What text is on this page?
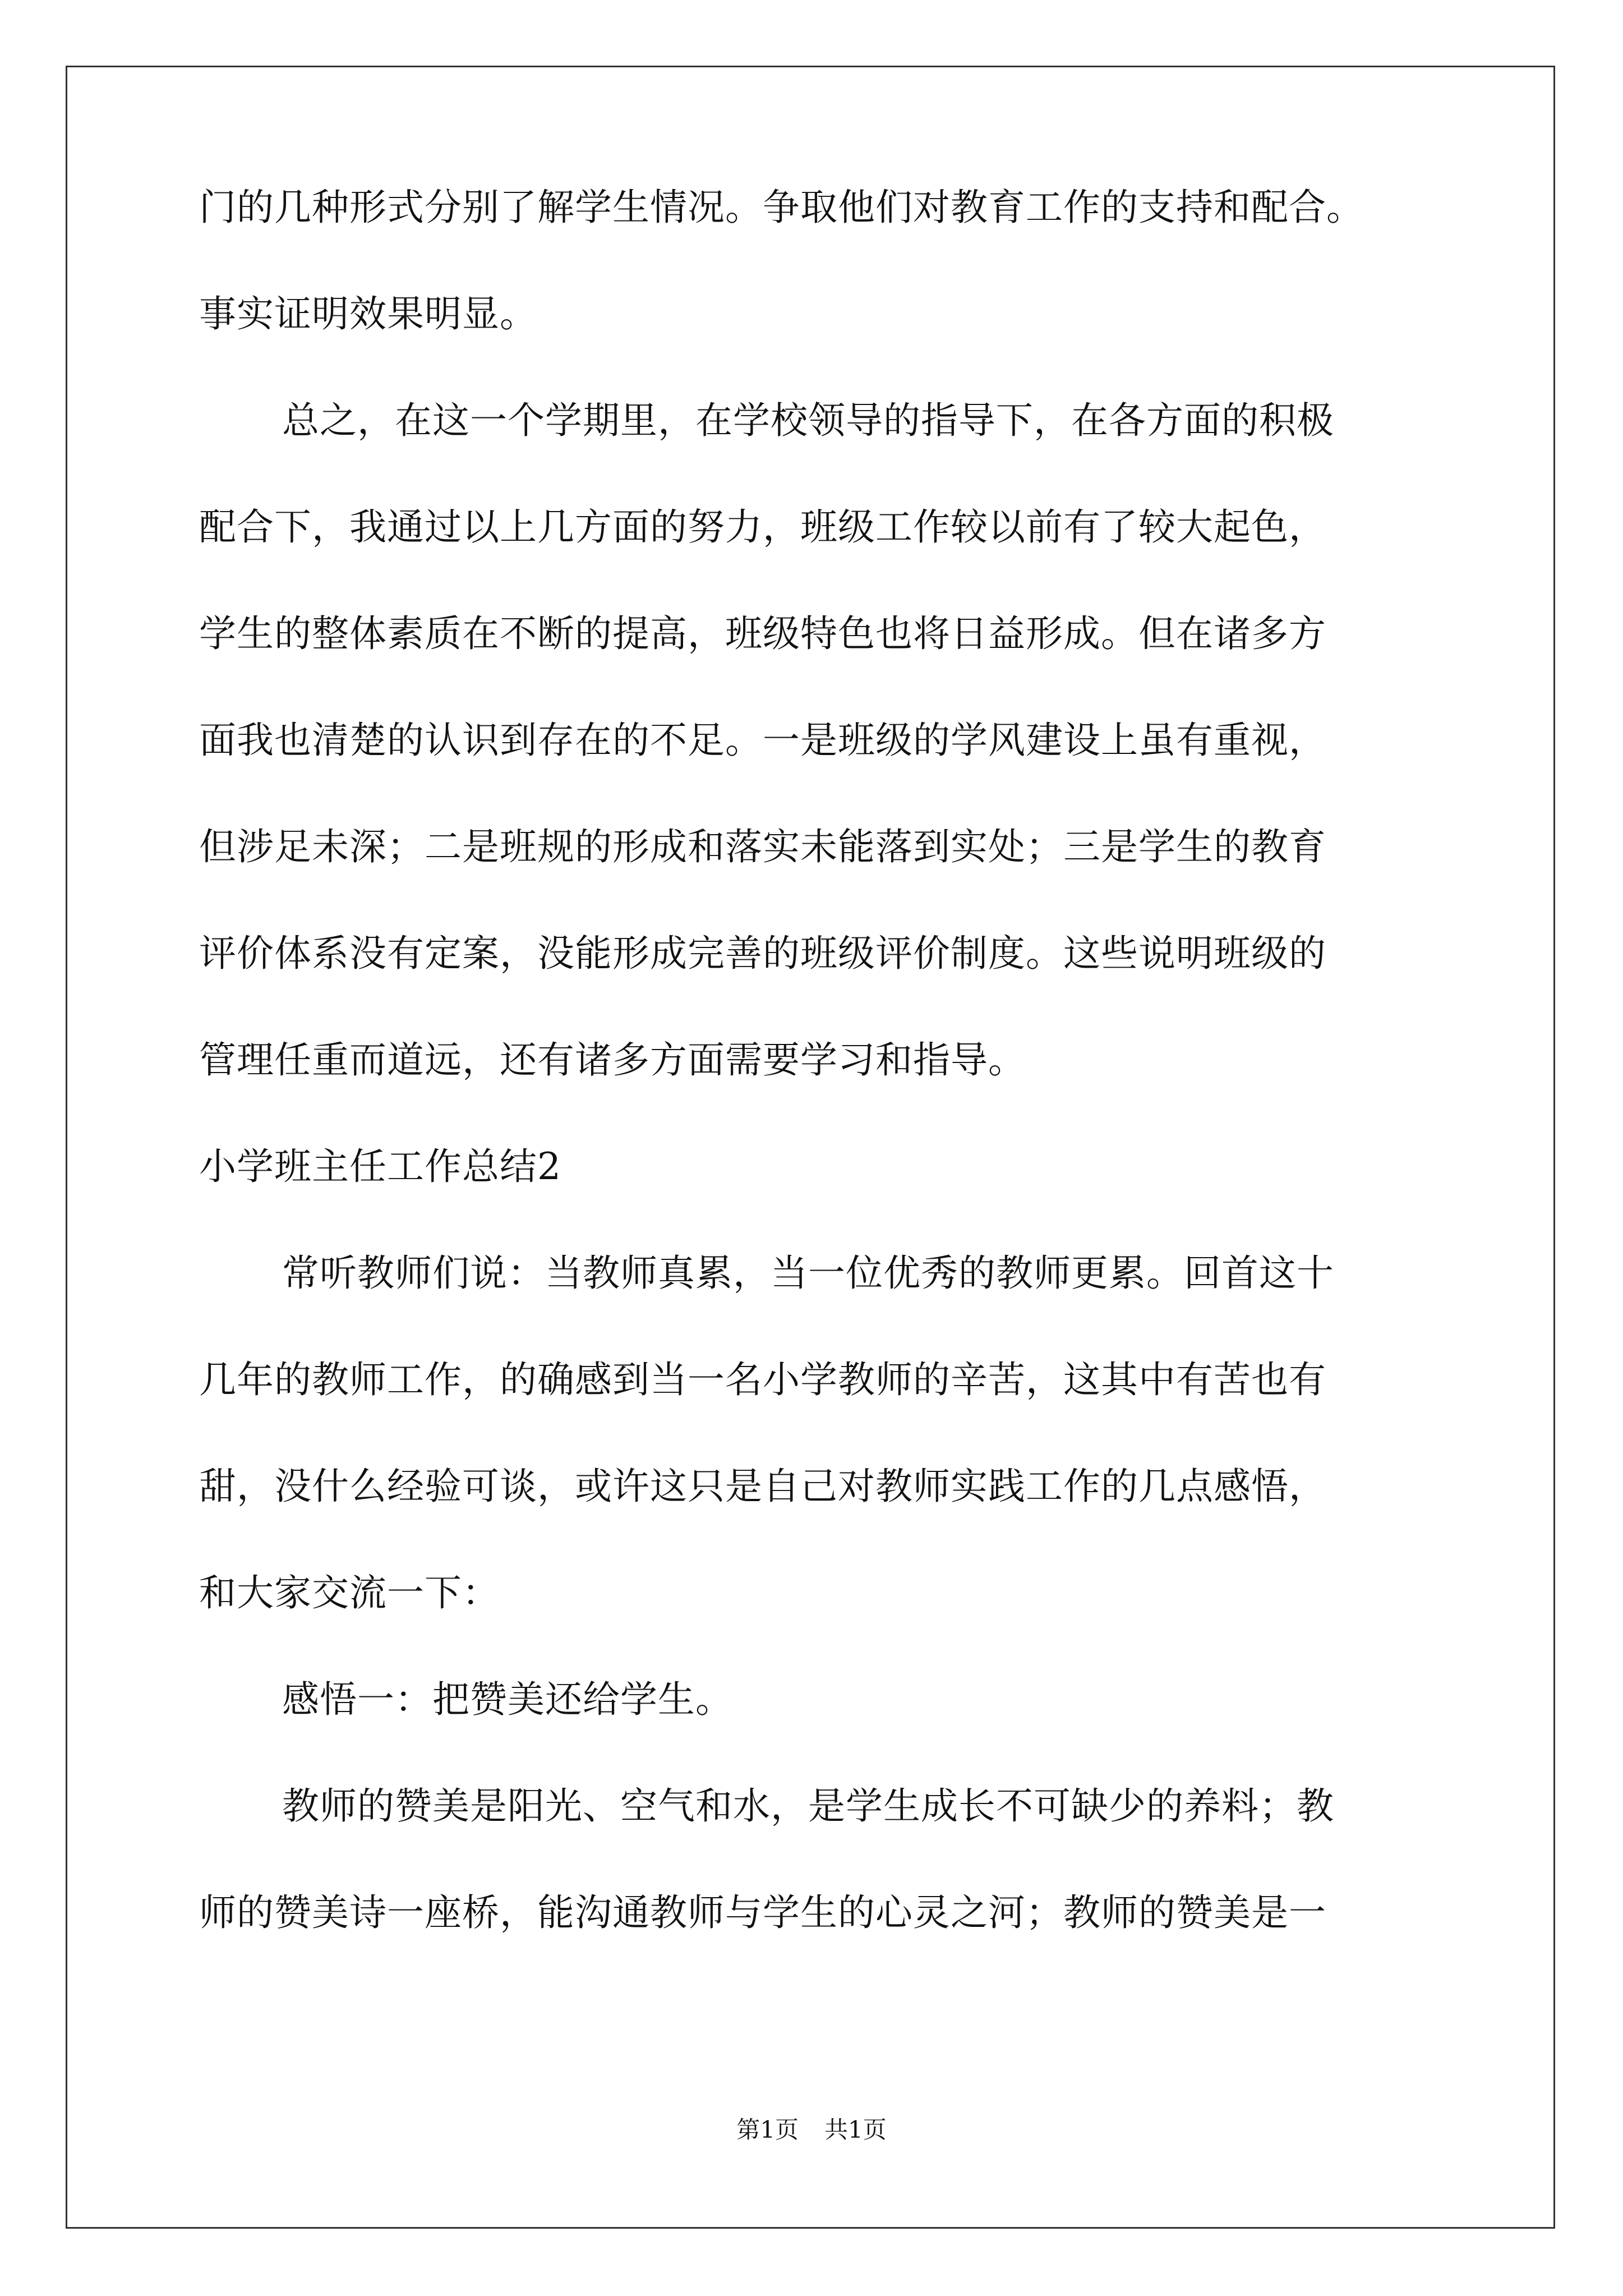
门的几种形式分别了解学生情况。争取他们对教育工作的支持和配合。
事实证明效果明显。
总之，在这一个学期里，在学校领导的指导下，在各方面的积极
配合下，我通过以上几方面的努力，班级工作较以前有了较大起色，
学生的整体素质在不断的提高，班级特色也将日益形成。但在诸多方
面我也清楚的认识到存在的不足。一是班级的学风建设上虽有重视，
但涉足未深；二是班规的形成和落实未能落到实处；三是学生的教育
评价体系没有定案，没能形成完善的班级评价制度。这些说明班级的
管理任重而道远，还有诸多方面需要学习和指导。
小学班主任工作总结2
常听教师们说：当教师真累，当一位优秀的教师更累。回首这十
几年的教师工作，的确感到当一名小学教师的辛苦，这其中有苦也有
甜，没什么经验可谈，或许这只是自己对教师实践工作的几点感悟，
和大家交流一下：
感悟一：把赞美还给学生。
教师的赞美是阳光、空气和水，是学生成长不可缺少的养料；教
师的赞美诗一座桥，能沟通教师与学生的心灵之河；教师的赞美是一
第1页 共1页
